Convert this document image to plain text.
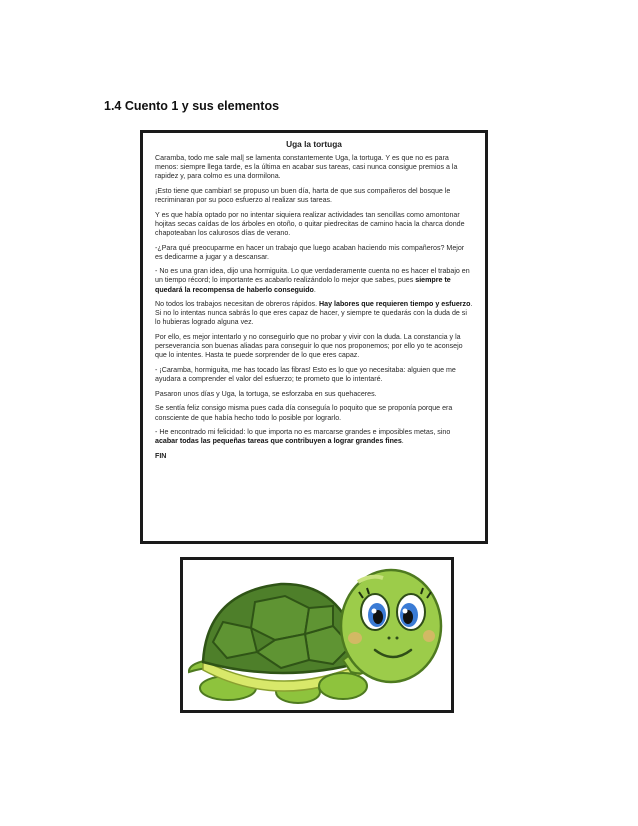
1.4 Cuento 1 y sus elementos
Uga la tortuga

Caramba, todo me sale mal| se lamenta constantemente Uga, la tortuga. Y es que no es para menos: siempre llega tarde, es la última en acabar sus tareas, casi nunca consigue premios a la rapidez y, para colmo es una dormilona.

¡Esto tiene que cambiar! se propuso un buen día, harta de que sus compañeros del bosque le recriminaran por su poco esfuerzo al realizar sus tareas.

Y es que había optado por no intentar siquiera realizar actividades tan sencillas como amontonar hojitas secas caídas de los árboles en otoño, o quitar piedrecitas de camino hacia la charca donde chapoteaban los calurosos días de verano.

-¿Para qué preocuparme en hacer un trabajo que luego acaban haciendo mis compañeros? Mejor es dedicarme a jugar y a descansar.

- No es una gran idea, dijo una hormiguita. Lo que verdaderamente cuenta no es hacer el trabajo en un tiempo récord; lo importante es acabarlo realizándolo lo mejor que sabes, pues siempre te quedará la recompensa de haberlo conseguido.

No todos los trabajos necesitan de obreros rápidos. Hay labores que requieren tiempo y esfuerzo. Si no lo intentas nunca sabrás lo que eres capaz de hacer, y siempre te quedarás con la duda de si lo hubieras logrado alguna vez.

Por ello, es mejor intentarlo y no conseguirlo que no probar y vivir con la duda. La constancia y la perseverancia son buenas aliadas para conseguir lo que nos proponemos; por ello yo te aconsejo que lo intentes. Hasta te puede sorprender de lo que eres capaz.

- ¡Caramba, hormiguita, me has tocado las fibras! Esto es lo que yo necesitaba: alguien que me ayudara a comprender el valor del esfuerzo; te prometo que lo intentaré.

Pasaron unos días y Uga, la tortuga, se esforzaba en sus quehaceres.

Se sentía feliz consigo misma pues cada día conseguía lo poquito que se proponía porque era consciente de que había hecho todo lo posible por lograrlo.

- He encontrado mi felicidad: lo que importa no es marcarse grandes e imposibles metas, sino acabar todas las pequeñas tareas que contribuyen a lograr grandes fines.

FIN
